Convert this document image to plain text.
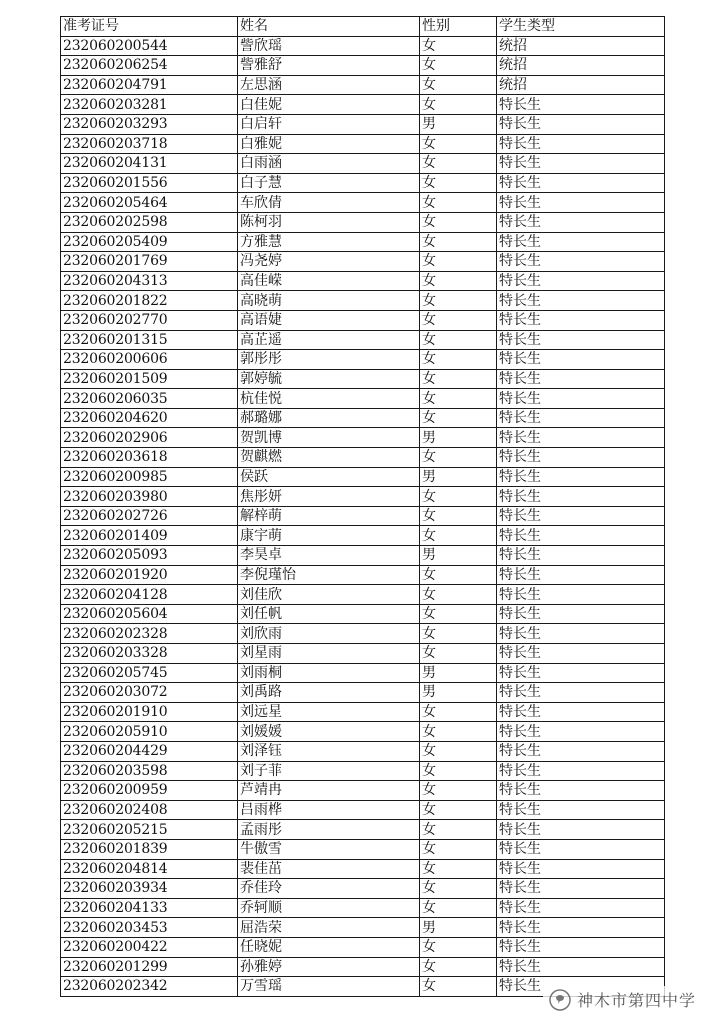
准考证号	姓名	性别	学生类型
232060200544	訾欣瑶	女	统招
232060206254	訾雅舒	女	统招
232060204791	左思涵	女	统招
232060203281	白佳妮	女	特长生
232060203293	白启轩	男	特长生
232060203718	白雅妮	女	特长生
232060204131	白雨涵	女	特长生
232060201556	白子慧	女	特长生
232060205464	车欣倩	女	特长生
232060202598	陈柯羽	女	特长生
232060205409	方雅慧	女	特长生
232060201769	冯尧婷	女	特长生
232060204313	高佳嵘	女	特长生
232060201822	高晓萌	女	特长生
232060202770	高语婕	女	特长生
232060201315	高芷遥	女	特长生
232060200606	郭彤彤	女	特长生
232060201509	郭婷毓	女	特长生
232060206035	杭佳悦	女	特长生
232060204620	郝璐娜	女	特长生
232060202906	贺凯博	男	特长生
232060203618	贺麒燃	女	特长生
232060200985	侯跃	男	特长生
232060203980	焦彤妍	女	特长生
232060202726	解梓萌	女	特长生
232060201409	康宇萌	女	特长生
232060205093	李昊卓	男	特长生
232060201920	李倪瑾怡	女	特长生
232060204128	刘佳欣	女	特长生
232060205604	刘任帆	女	特长生
232060202328	刘欣雨	女	特长生
232060203328	刘星雨	女	特长生
232060205745	刘雨桐	男	特长生
232060203072	刘禹路	男	特长生
232060201910	刘远星	女	特长生
232060205910	刘媛媛	女	特长生
232060204429	刘泽钰	女	特长生
232060203598	刘子菲	女	特长生
232060200959	芦靖冉	女	特长生
232060202408	吕雨桦	女	特长生
232060205215	孟雨彤	女	特长生
232060201839	牛傲雪	女	特长生
232060204814	裴佳茁	女	特长生
232060203934	乔佳玲	女	特长生
232060204133	乔轲顺	女	特长生
232060203453	屈浩荣	男	特长生
232060200422	任晓妮	女	特长生
232060201299	孙雅婷	女	特长生
232060202342	万雪瑶	女	特长生
神木市第四中学
